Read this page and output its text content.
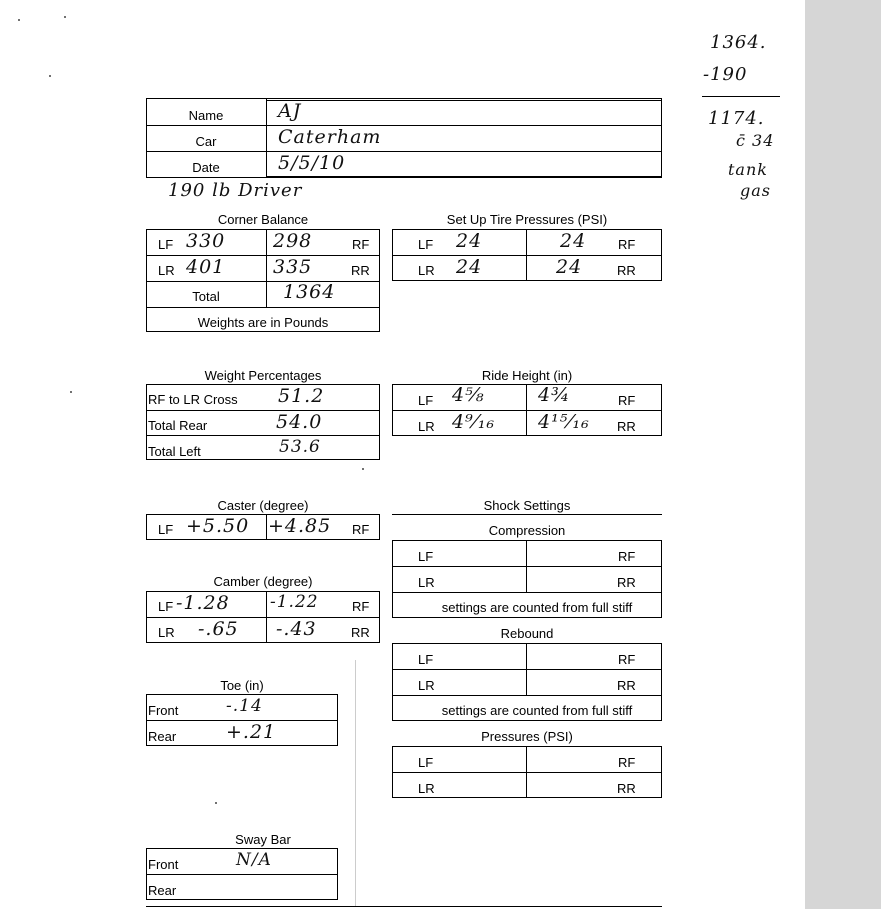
1364.
-190
1174.
c̄ 34
tank
gas
Name	AJ
Car	Caterham
Date	5/5/10
190 lb Driver
Corner Balance
LF 330	298	RF
LR 401	335	RR
Total	1364
Weights are in Pounds
Set Up Tire Pressures (PSI)
LF 24	24 RF
LR 24	24	RR
Weight Percentages
RF to LR Cross 51.2
Total Rear	54.0
Total Left	53.6
Ride Height (in)
LF 4⅝	4¾	RF
LR 4⁹⁄₁₆ 4¹⁵⁄₁₆ RR
Caster (degree)
LF +5.50 +4.85 RF
Camber (degree)
LF -1.28 -1.22	RF
LR -.65 -.43	RR
Toe (in)
Front	-.14
Rear	+.21
Sway Bar
Front	N/A
Rear
Shock Settings
Compression
LF	RF
LR	RR
settings are counted from full stiff
Rebound
LF	RF
LR	RR
settings are counted from full stiff
Pressures (PSI)
LF	RF
LR	RR
